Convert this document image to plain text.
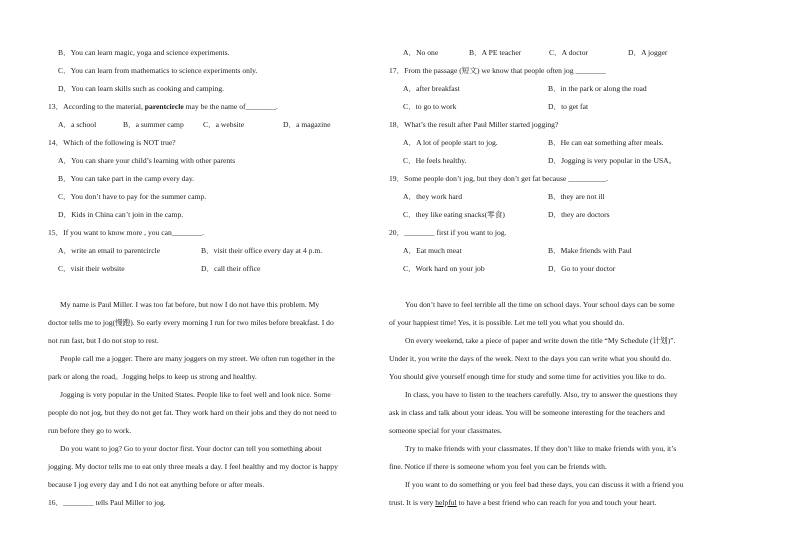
B．You can learn magic, yoga and science experiments.
C．You can learn from mathematics to science experiments only.
D．You can learn skills such as cooking and camping.
13．According to the material, parentcircle may be the name of________.
A．a school	B．a summer camp	C．a website	D．a magazine
14．Which of the following is NOT true?
A．You can share your child’s learning with other parents
B．You can take part in the camp every day.
C．You don’t have to pay for the summer camp.
D．Kids in China can’t join in the camp.
15．If you want to know more , you can________.
A．write an email to parentcircle	B．visit their office every day at 4 p.m.
C．visit their website	D．call their office
My name is Paul Miller. I was too fat before, but now I do not have this problem. My
doctor tells me to jog(慢跑). So early every morning I run for two miles before breakfast. I do
not run fast, but I do not stop to rest.
People call me a jogger. There are many joggers on my street. We often run together in the
park or along the road。Jogging helps to keep us strong and healthy.
Jogging is very popular in the United States. People like to feel well and look nice. Some
people do not jog, but they do not get fat. They work hard on their jobs and they do not need to
run before they go to work.
Do you want to jog? Go to your doctor first. Your doctor can tell you something about
jogging. My doctor tells me to eat only three meals a day. I feel healthy and my doctor is happy
because I jog every day and I do not eat anything before or after meals.
16．________ tells Paul Miller to jog.
A．No one	B．A PE teacher	C．A doctor	D．A jogger
17．From the passage (短文) we know that people often jog ________
A．after breakfast	B．in the park or along the road
C．to go to work	D．to get fat
18．What’s the result after Paul Miller started jogging?
A．A lot of people start to jog.	B．He can eat something after meals.
C．He feels healthy.	D．Jogging is very popular in the USA。
19．Some people don’t jog, but they don’t get fat because __________.
A．they work hard	B．they are not ill
C．they like eating snacks(零食)	D．they are doctors
20．________ first if you want to jog.
A．Eat much meat	B．Make friends with Paul
C．Work hard on your job	D．Go to your doctor
You don’t have to feel terrible all the time on school days. Your school days can be some
of your happiest time! Yes, it is possible. Let me tell you what you should do.
On every weekend, take a piece of paper and write down the title “My Schedule (计划)”.
Under it, you write the days of the week. Next to the days you can write what you should do.
You should give yourself enough time for study and some time for activities you like to do.
In class, you have to listen to the teachers carefully. Also, try to answer the questions they
ask in class and talk about your ideas. You will be someone interesting for the teachers and
someone special for your classmates.
Try to make friends with your classmates. If they don’t like to make friends with you, it’s
fine. Notice if there is someone whom you feel you can be friends with.
If you want to do something or you feel bad these days, you can discuss it with a friend you
trust. It is very helpful to have a best friend who can reach for you and touch your heart.
